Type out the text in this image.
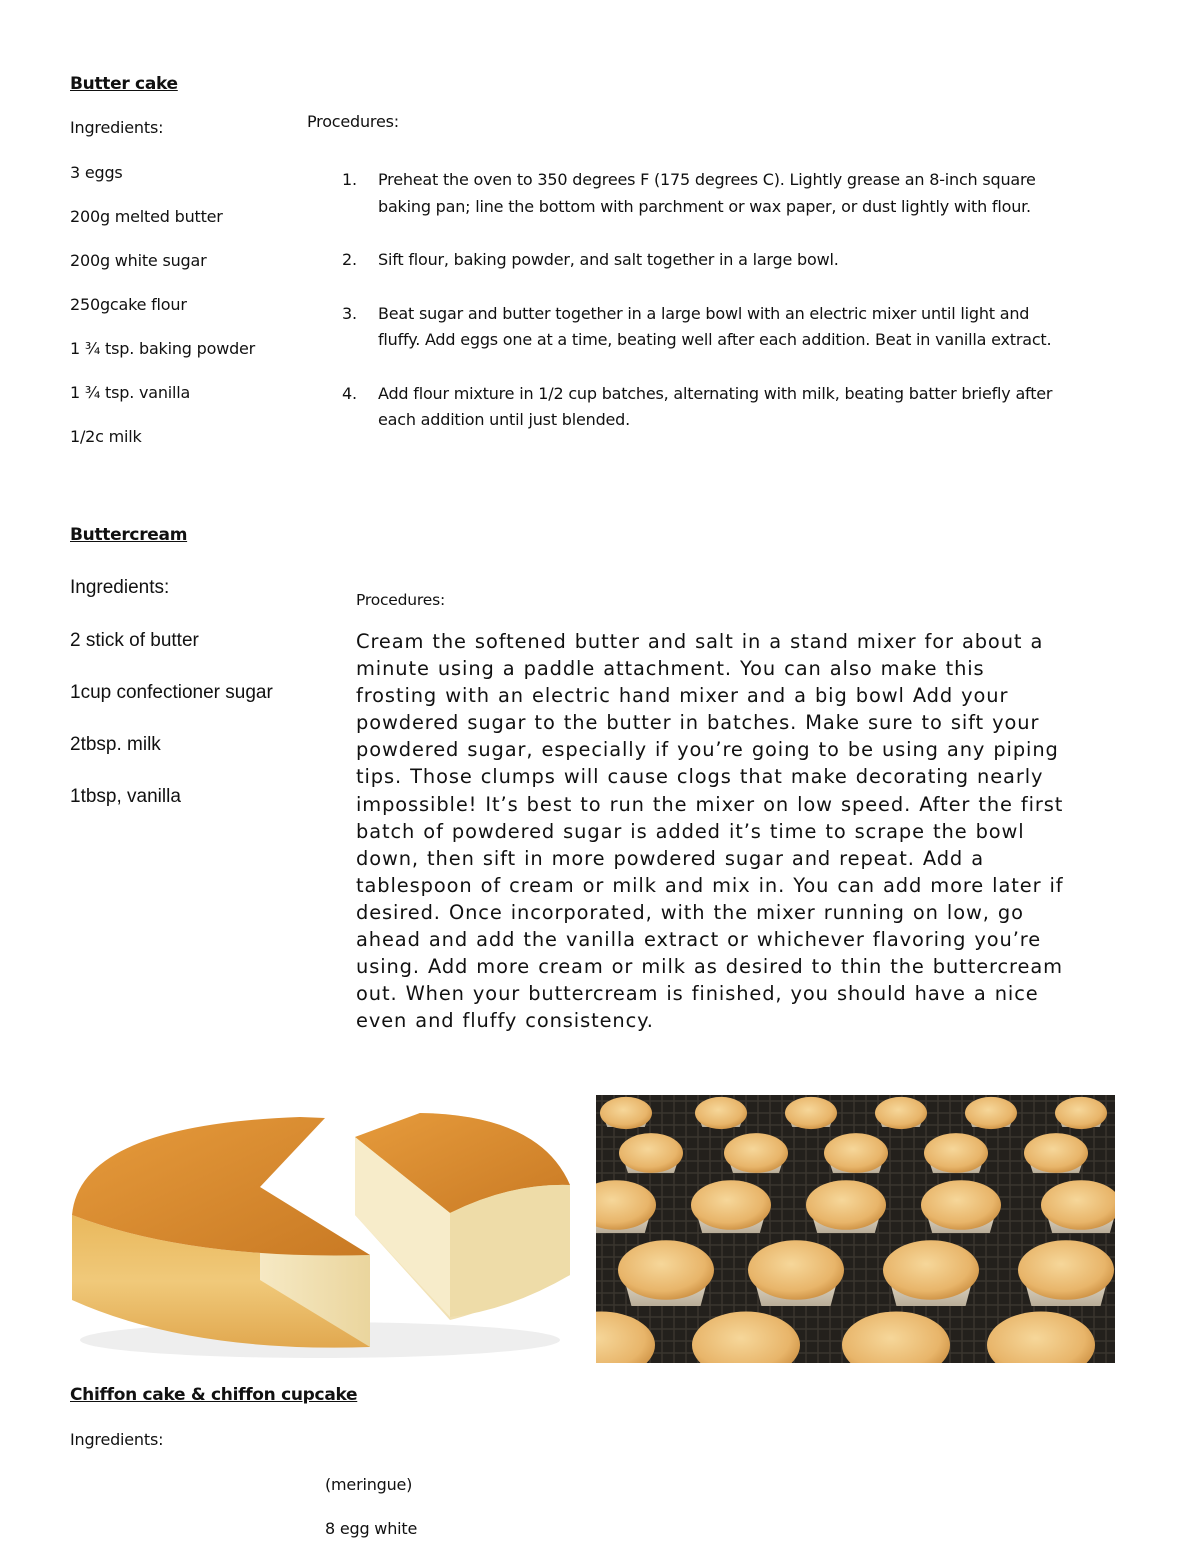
Butter cake
Ingredients:
3 eggs
200g melted butter
200g white sugar
250gcake flour
1 ¾ tsp. baking powder
1 ¾ tsp. vanilla
1/2c milk
Procedures:
1. Preheat the oven to 350 degrees F (175 degrees C). Lightly grease an 8-inch square baking pan; line the bottom with parchment or wax paper, or dust lightly with flour.
2. Sift flour, baking powder, and salt together in a large bowl.
3. Beat sugar and butter together in a large bowl with an electric mixer until light and fluffy. Add eggs one at a time, beating well after each addition. Beat in vanilla extract.
4. Add flour mixture in 1/2 cup batches, alternating with milk, beating batter briefly after each addition until just blended.
Buttercream
Ingredients:
2 stick of butter
1cup confectioner sugar
2tbsp. milk
1tbsp, vanilla
Procedures:
Cream the softened butter and salt in a stand mixer for about a minute using a paddle attachment. You can also make this frosting with an electric hand mixer and a big bowl Add your powdered sugar to the butter in batches. Make sure to sift your powdered sugar, especially if you’re going to be using any piping tips. Those clumps will cause clogs that make decorating nearly impossible! It’s best to run the mixer on low speed. After the first batch of powdered sugar is added it’s time to scrape the bowl down, then sift in more powdered sugar and repeat. Add a tablespoon of cream or milk and mix in. You can add more later if desired. Once incorporated, with the mixer running on low, go ahead and add the vanilla extract or whichever flavoring you’re using. Add more cream or milk as desired to thin the buttercream out. When your buttercream is finished, you should have a nice even and fluffy consistency.
Chiffon cake & chiffon cupcake
Ingredients:
(meringue)
8 egg white
